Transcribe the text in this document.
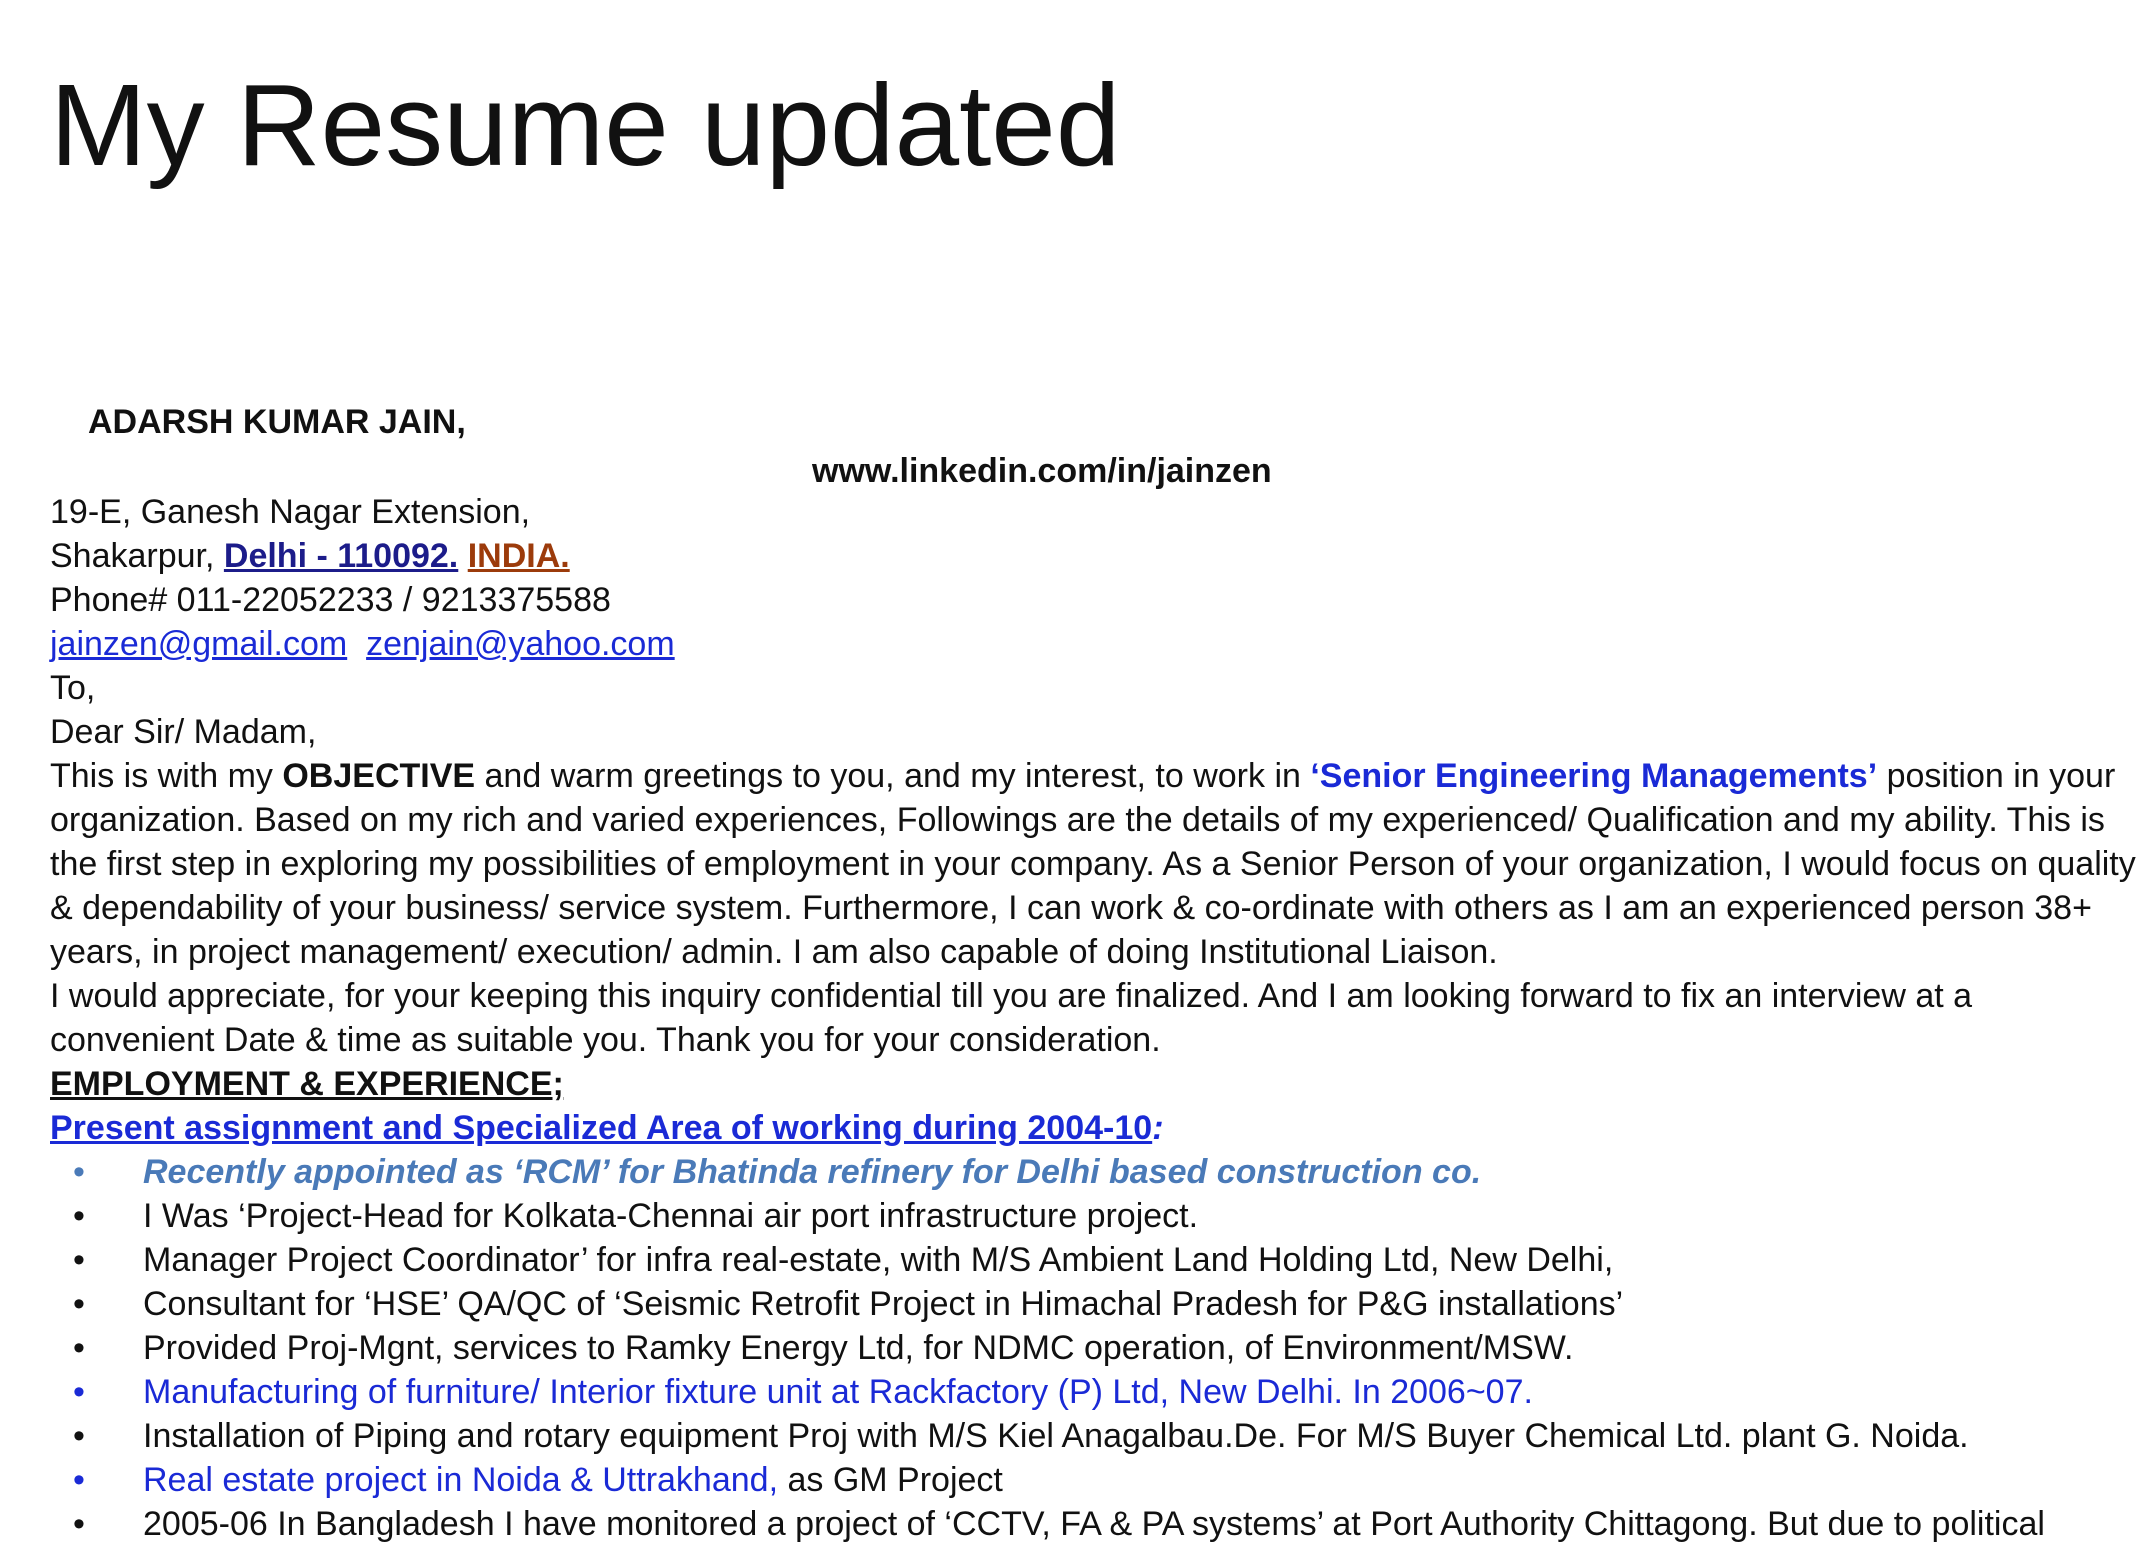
My Resume updated
ADARSH KUMAR JAIN,
www.linkedin.com/in/jainzen
19-E, Ganesh Nagar Extension,
Shakarpur, Delhi - 110092. INDIA.
Phone# 011-22052233 / 9213375588
jainzen@gmail.com zenjain@yahoo.com
To,
Dear Sir/ Madam,
This is with my OBJECTIVE and warm greetings to you, and my interest, to work in ‘Senior Engineering Managements’ position in your
organization. Based on my rich and varied experiences, Followings are the details of my experienced/ Qualification and my ability. This is
the first step in exploring my possibilities of employment in your company. As a Senior Person of your organization, I would focus on quality
& dependability of your business/ service system. Furthermore, I can work & co-ordinate with others as I am an experienced person 38+
years, in project management/ execution/ admin. I am also capable of doing Institutional Liaison.
I would appreciate, for your keeping this inquiry confidential till you are finalized. And I am looking forward to fix an interview at a
convenient Date & time as suitable you. Thank you for your consideration.
EMPLOYMENT & EXPERIENCE;
Present assignment and Specialized Area of working during 2004-10:
• Recently appointed as ‘RCM’ for Bhatinda refinery for Delhi based construction co.
• I Was ‘Project-Head for Kolkata-Chennai air port infrastructure project.
• Manager Project Coordinator’ for infra real-estate, with M/S Ambient Land Holding Ltd, New Delhi,
• Consultant for ‘HSE’ QA/QC of ‘Seismic Retrofit Project in Himachal Pradesh for P&G installations’
• Provided Proj-Mgnt, services to Ramky Energy Ltd, for NDMC operation, of Environment/MSW.
• Manufacturing of furniture/ Interior fixture unit at Rackfactory (P) Ltd, New Delhi. In 2006~07.
• Installation of Piping and rotary equipment Proj with M/S Kiel Anagalbau.De. For M/S Buyer Chemical Ltd. plant G. Noida.
• Real estate project in Noida & Uttrakhand, as GM Project
• 2005-06 In Bangladesh I have monitored a project of ‘CCTV, FA & PA systems’ at Port Authority Chittagong. But due to political
